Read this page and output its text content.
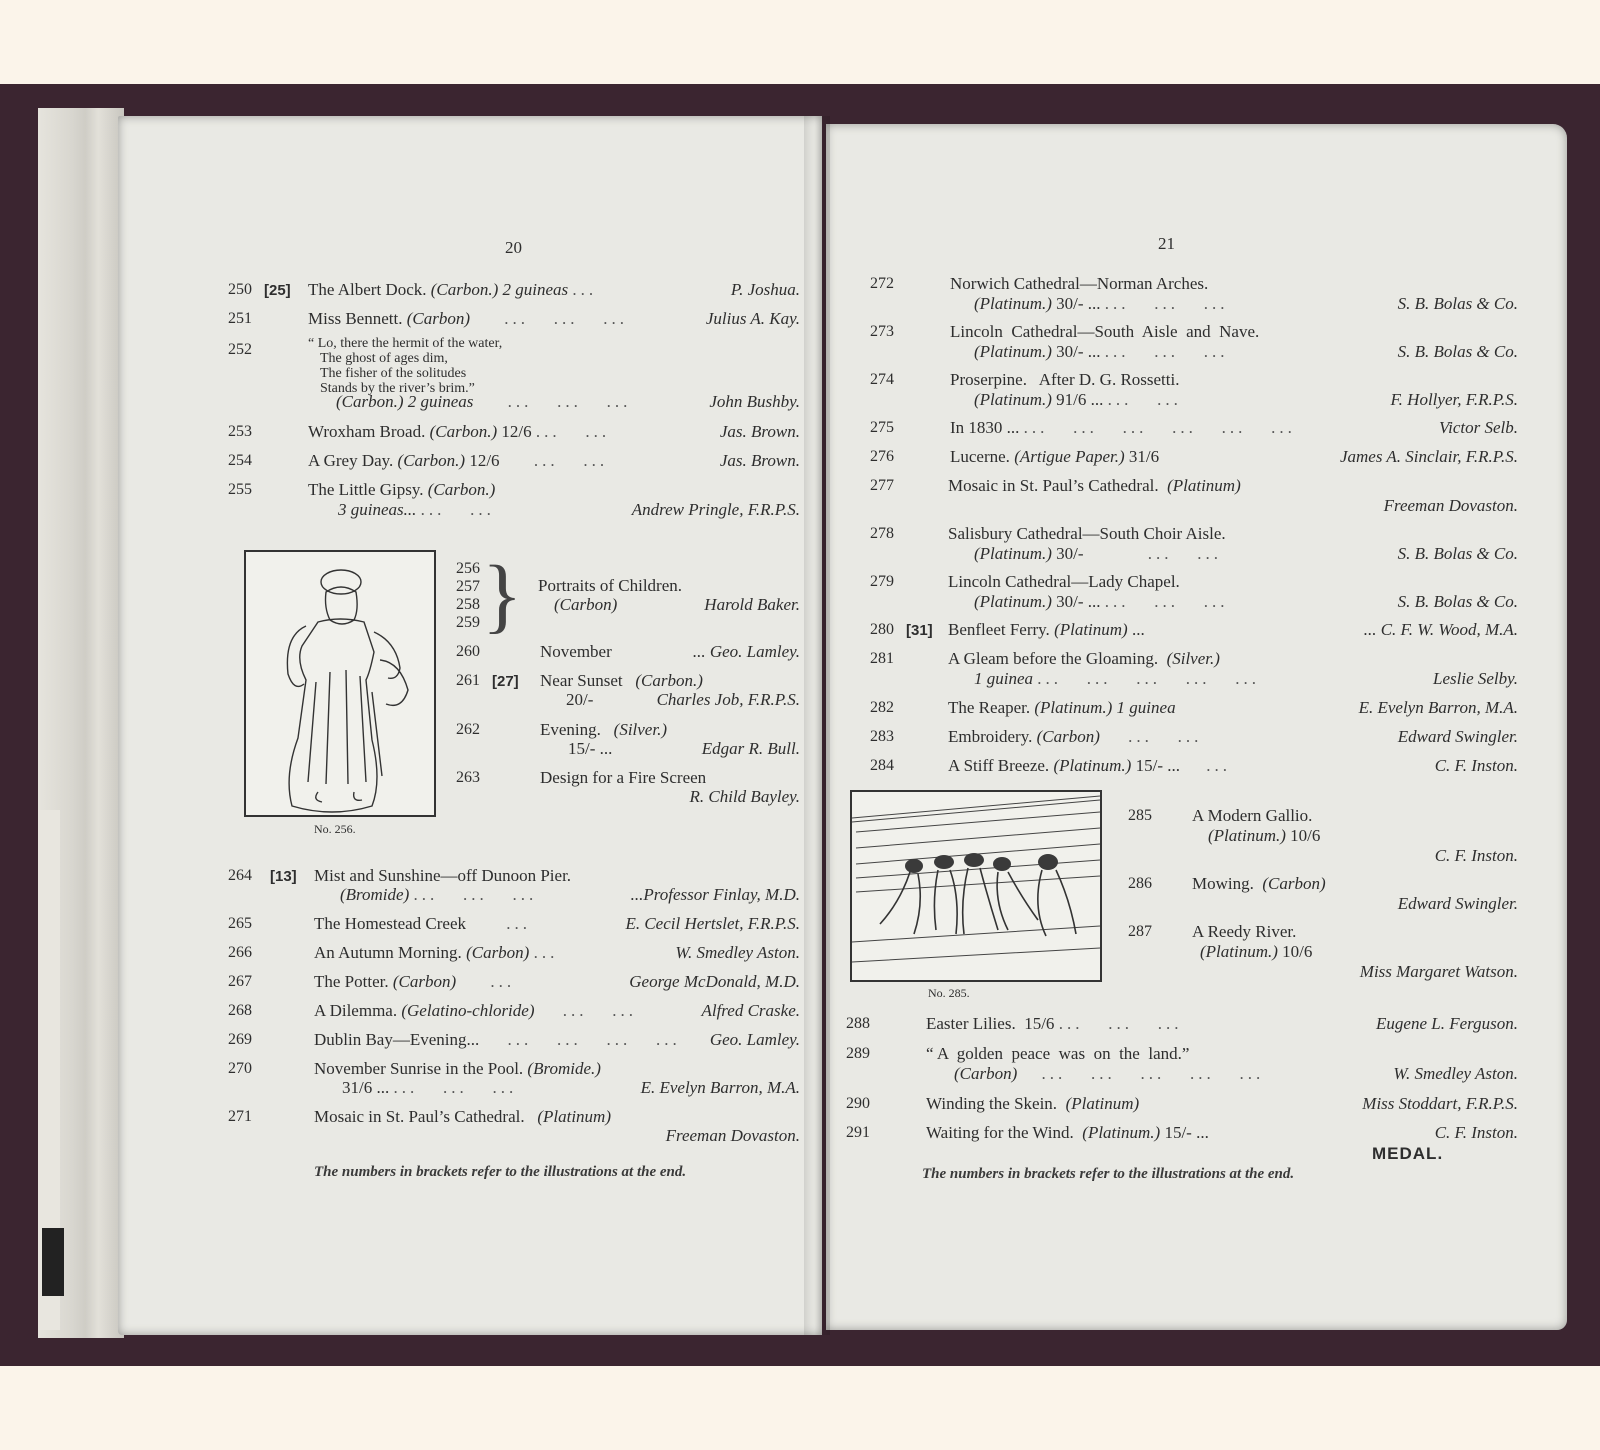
20
250 [25] The Albert Dock. (Carbon.) 2 guineas ...	P. Joshua.
251	Miss Bennett. (Carbon) ...   ...   ...	Julius A. Kay.
252	“ Lo, there the hermit of the water,
The ghost of ages dim,
The fisher of the solitudes
Stands by the river’s brim.”
(Carbon.) 2 guineas ...   ...   ...	John Bushby.
253	Wroxham Broad. (Carbon.) 12/6 ...   ...	Jas. Brown.
254	A Grey Day. (Carbon.) 12/6 ...   ...	Jas. Brown.
255	The Little Gipsy. (Carbon.)
3 guineas... ...   ...	Andrew Pringle, F.R.P.S.
No. 256.
256
257
258
259 } Portraits of Children.
(Carbon)	Harold Baker.
260	November	... Geo. Lamley.
261 [27] Near Sunset (Carbon.)
20/-	Charles Job, F.R.P.S.
262	Evening. (Silver.)
15/- ...	Edgar R. Bull.
263	Design for a Fire Screen
R. Child Bayley.
264 [13] Mist and Sunshine—off Dunoon Pier.
(Bromide) ...   ...   ...	...Professor Finlay, M.D.
265	The Homestead Creek ...	E. Cecil Hertslet, F.R.P.S.
266	An Autumn Morning. (Carbon) ...	W. Smedley Aston.
267	The Potter. (Carbon) ...	George McDonald, M.D.
268	A Dilemma. (Gelatino-chloride) ...   ...	Alfred Craske.
269	Dublin Bay—Evening... ...   ...   ...   ... Geo. Lamley.
270	November Sunrise in the Pool. (Bromide.)
31/6 ... ...   ...   ...	E. Evelyn Barron, M.A.
271	Mosaic in St. Paul’s Cathedral. (Platinum)
Freeman Dovaston.
The numbers in brackets refer to the illustrations at the end.
21
272	Norwich Cathedral—Norman Arches.
(Platinum.) 30/- ... ...   ...   ...	S. B. Bolas & Co.
273	Lincoln  Cathedral—South  Aisle  and  Nave.
(Platinum.) 30/- ... ...   ...   ...	S. B. Bolas & Co.
274	Proserpine.   After D. G. Rossetti.
(Platinum.) 91/6 ... ...   ...	F. Hollyer, F.R.P.S.
275	In 1830 ... ...   ...   ...   ...   ...   ...	Victor Selb.
276	Lucerne. (Artigue Paper.) 31/6	James A. Sinclair, F.R.P.S.
277	Mosaic in St. Paul’s Cathedral. (Platinum)
Freeman Dovaston.
278	Salisbury Cathedral—South Choir Aisle.
(Platinum.) 30/-	...   ...	S. B. Bolas & Co.
279	Lincoln Cathedral—Lady Chapel.
(Platinum.) 30/- ... ...   ...   ...	S. B. Bolas & Co.
280 [31] Benfleet Ferry. (Platinum) ...	... C. F. W. Wood, M.A.
281	A Gleam before the Gloaming. (Silver.)
1 guinea ...   ...   ...   ...   ...	Leslie Selby.
282	The Reaper. (Platinum.) 1 guinea	E. Evelyn Barron, M.A.
283	Embroidery. (Carbon) ...   ...	Edward Swingler.
284	A Stiff Breeze. (Platinum.) 15/- ... ...	C. F. Inston.
No. 285.
285 A Modern Gallio.
(Platinum.) 10/6
C. F. Inston.
286 Mowing. (Carbon)
Edward Swingler.
287 A Reedy River.
(Platinum.) 10/6
Miss Margaret Watson.
288	Easter Lilies. 15/6 ...   ...   ...	Eugene L. Ferguson.
289	“ A  golden  peace  was  on  the  land.”
(Carbon) ...   ...   ...   ...   ...	W. Smedley Aston.
290	Winding the Skein. (Platinum)	Miss Stoddart, F.R.P.S.
291	Waiting for the Wind. (Platinum.) 15/- ...	C. F. Inston.
MEDAL.
The numbers in brackets refer to the illustrations at the end.
